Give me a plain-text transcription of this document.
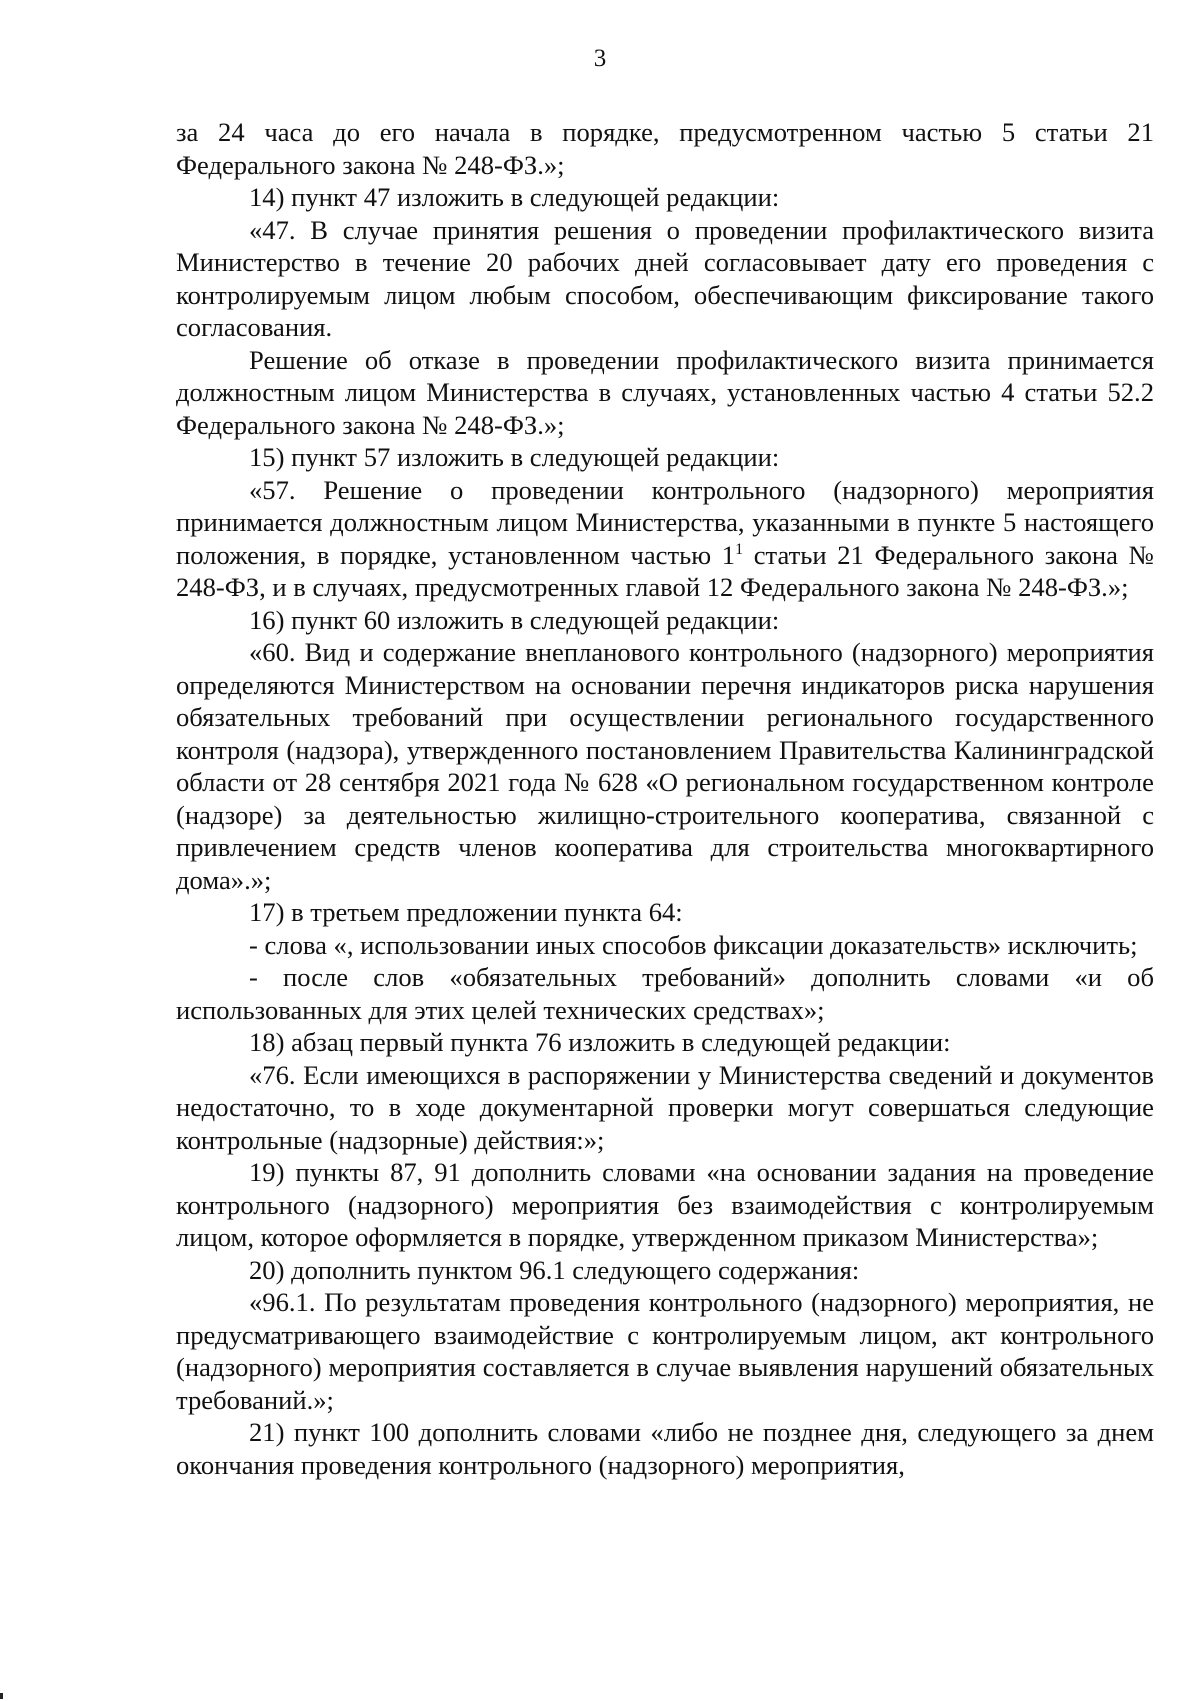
3

за 24 часа до его начала в порядке, предусмотренном частью 5 статьи 21 Федерального закона № 248-ФЗ.»;

14) пункт 47 изложить в следующей редакции:

«47. В случае принятия решения о проведении профилактического визита Министерство в течение 20 рабочих дней согласовывает дату его проведения с контролируемым лицом любым способом, обеспечивающим фиксирование такого согласования.

Решение об отказе в проведении профилактического визита принимается должностным лицом Министерства в случаях, установленных частью 4 статьи 52.2 Федерального закона № 248-ФЗ.»;

15) пункт 57 изложить в следующей редакции:

«57. Решение о проведении контрольного (надзорного) мероприятия принимается должностным лицом Министерства, указанными в пункте 5 настоящего положения, в порядке, установленном частью $1^1$ статьи 21 Федерального закона № 248-ФЗ, и в случаях, предусмотренных главой 12 Федерального закона № 248-ФЗ.»;

16) пункт 60 изложить в следующей редакции:

«60. Вид и содержание внепланового контрольного (надзорного) мероприятия определяются Министерством на основании перечня индикаторов риска нарушения обязательных требований при осуществлении регионального государственного контроля (надзора), утвержденного постановлением Правительства Калининградской области от 28 сентября 2021 года № 628 «О региональном государственном контроле (надзоре) за деятельностью жилищно-строительного кооператива, связанной с привлечением средств членов кооператива для строительства многоквартирного дома».»;

17) в третьем предложении пункта 64:

- слова «, использовании иных способов фиксации доказательств» исключить;

- после слов «обязательных требований» дополнить словами «и об использованных для этих целей технических средствах»;

18) абзац первый пункта 76 изложить в следующей редакции:

«76. Если имеющихся в распоряжении у Министерства сведений и документов недостаточно, то в ходе документарной проверки могут совершаться следующие контрольные (надзорные) действия:»;

19) пункты 87, 91 дополнить словами «на основании задания на проведение контрольного (надзорного) мероприятия без взаимодействия с контролируемым лицом, которое оформляется в порядке, утвержденном приказом Министерства»;

20) дополнить пунктом 96.1 следующего содержания:

«96.1. По результатам проведения контрольного (надзорного) мероприятия, не предусматривающего взаимодействие с контролируемым лицом, акт контрольного (надзорного) мероприятия составляется в случае выявления нарушений обязательных требований.»;

21) пункт 100 дополнить словами «либо не позднее дня, следующего за днем окончания проведения контрольного (надзорного) мероприятия,
